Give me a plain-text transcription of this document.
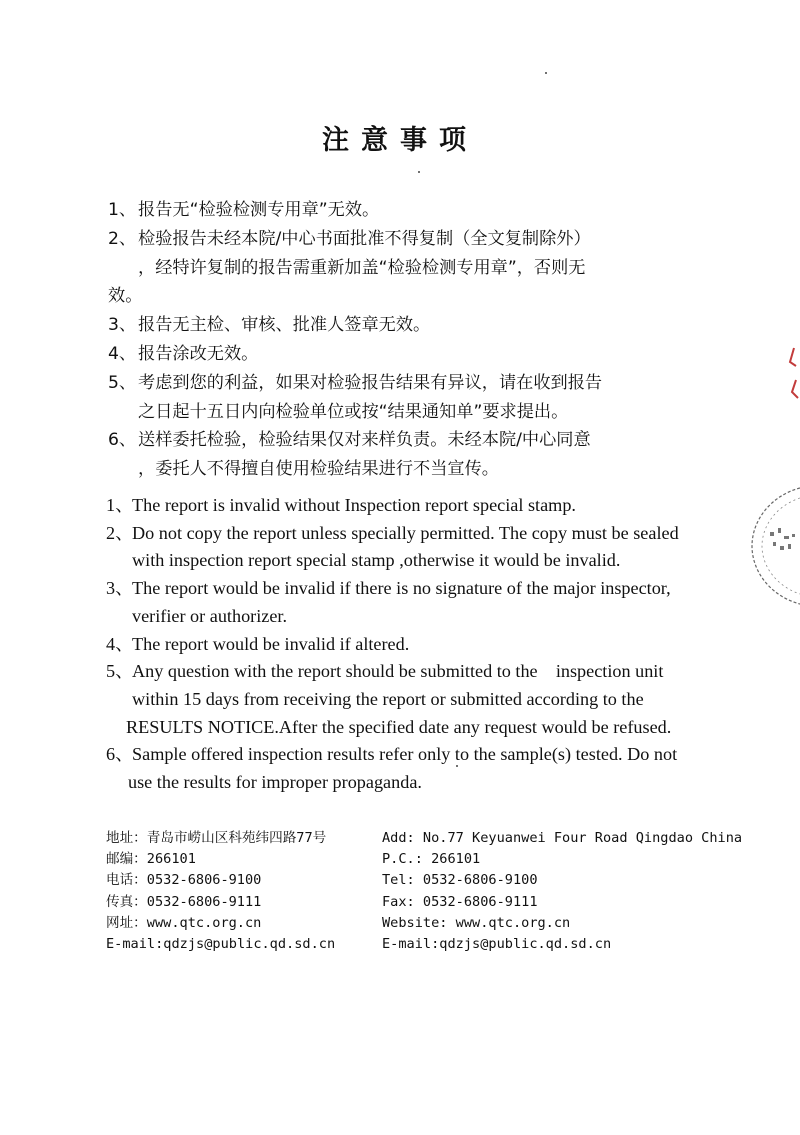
注意事项
1、 报告无“检验检测专用章”无效。
2、 检验报告未经本院/中心书面批准不得复制（全文复制除外）
，经特许复制的报告需重新加盖“检验检测专用章”，否则无
效。
3、 报告无主检、审核、批准人签章无效。
4、 报告涂改无效。
5、 考虑到您的利益，如果对检验报告结果有异议，请在收到报告
之日起十五日内向检验单位或按“结果通知单”要求提出。
6、 送样委托检验，检验结果仅对来样负责。未经本院/中心同意
，委托人不得擅自使用检验结果进行不当宣传。
1、
The report is invalid without Inspection report special stamp.
2、
Do not copy the report unless specially permitted. The copy must be sealed
with inspection report special stamp ,otherwise it would be invalid.
3、
The report would be invalid if there is no signature of the major inspector,
verifier or authorizer.
4、
The report would be invalid if altered.
5、
Any question with the report should be submitted to the    inspection unit
within 15 days from receiving the report or submitted according to the
RESULTS NOTICE.After the specified date any request would be refused.
6、
Sample offered inspection results refer only to the sample(s) tested. Do not
use the results for improper propaganda.
地址：青岛市崂山区科苑纬四路77号	Add: No.77 Keyuanwei Four Road Qingdao China
邮编：266101	P.C.: 266101
电话：0532-6806-9100	Tel: 0532-6806-9100
传真：0532-6806-9111	Fax: 0532-6806-9111
网址：www.qtc.org.cn	Website: www.qtc.org.cn
E-mail:qdzjs@public.qd.sd.cn	E-mail:qdzjs@public.qd.sd.cn
